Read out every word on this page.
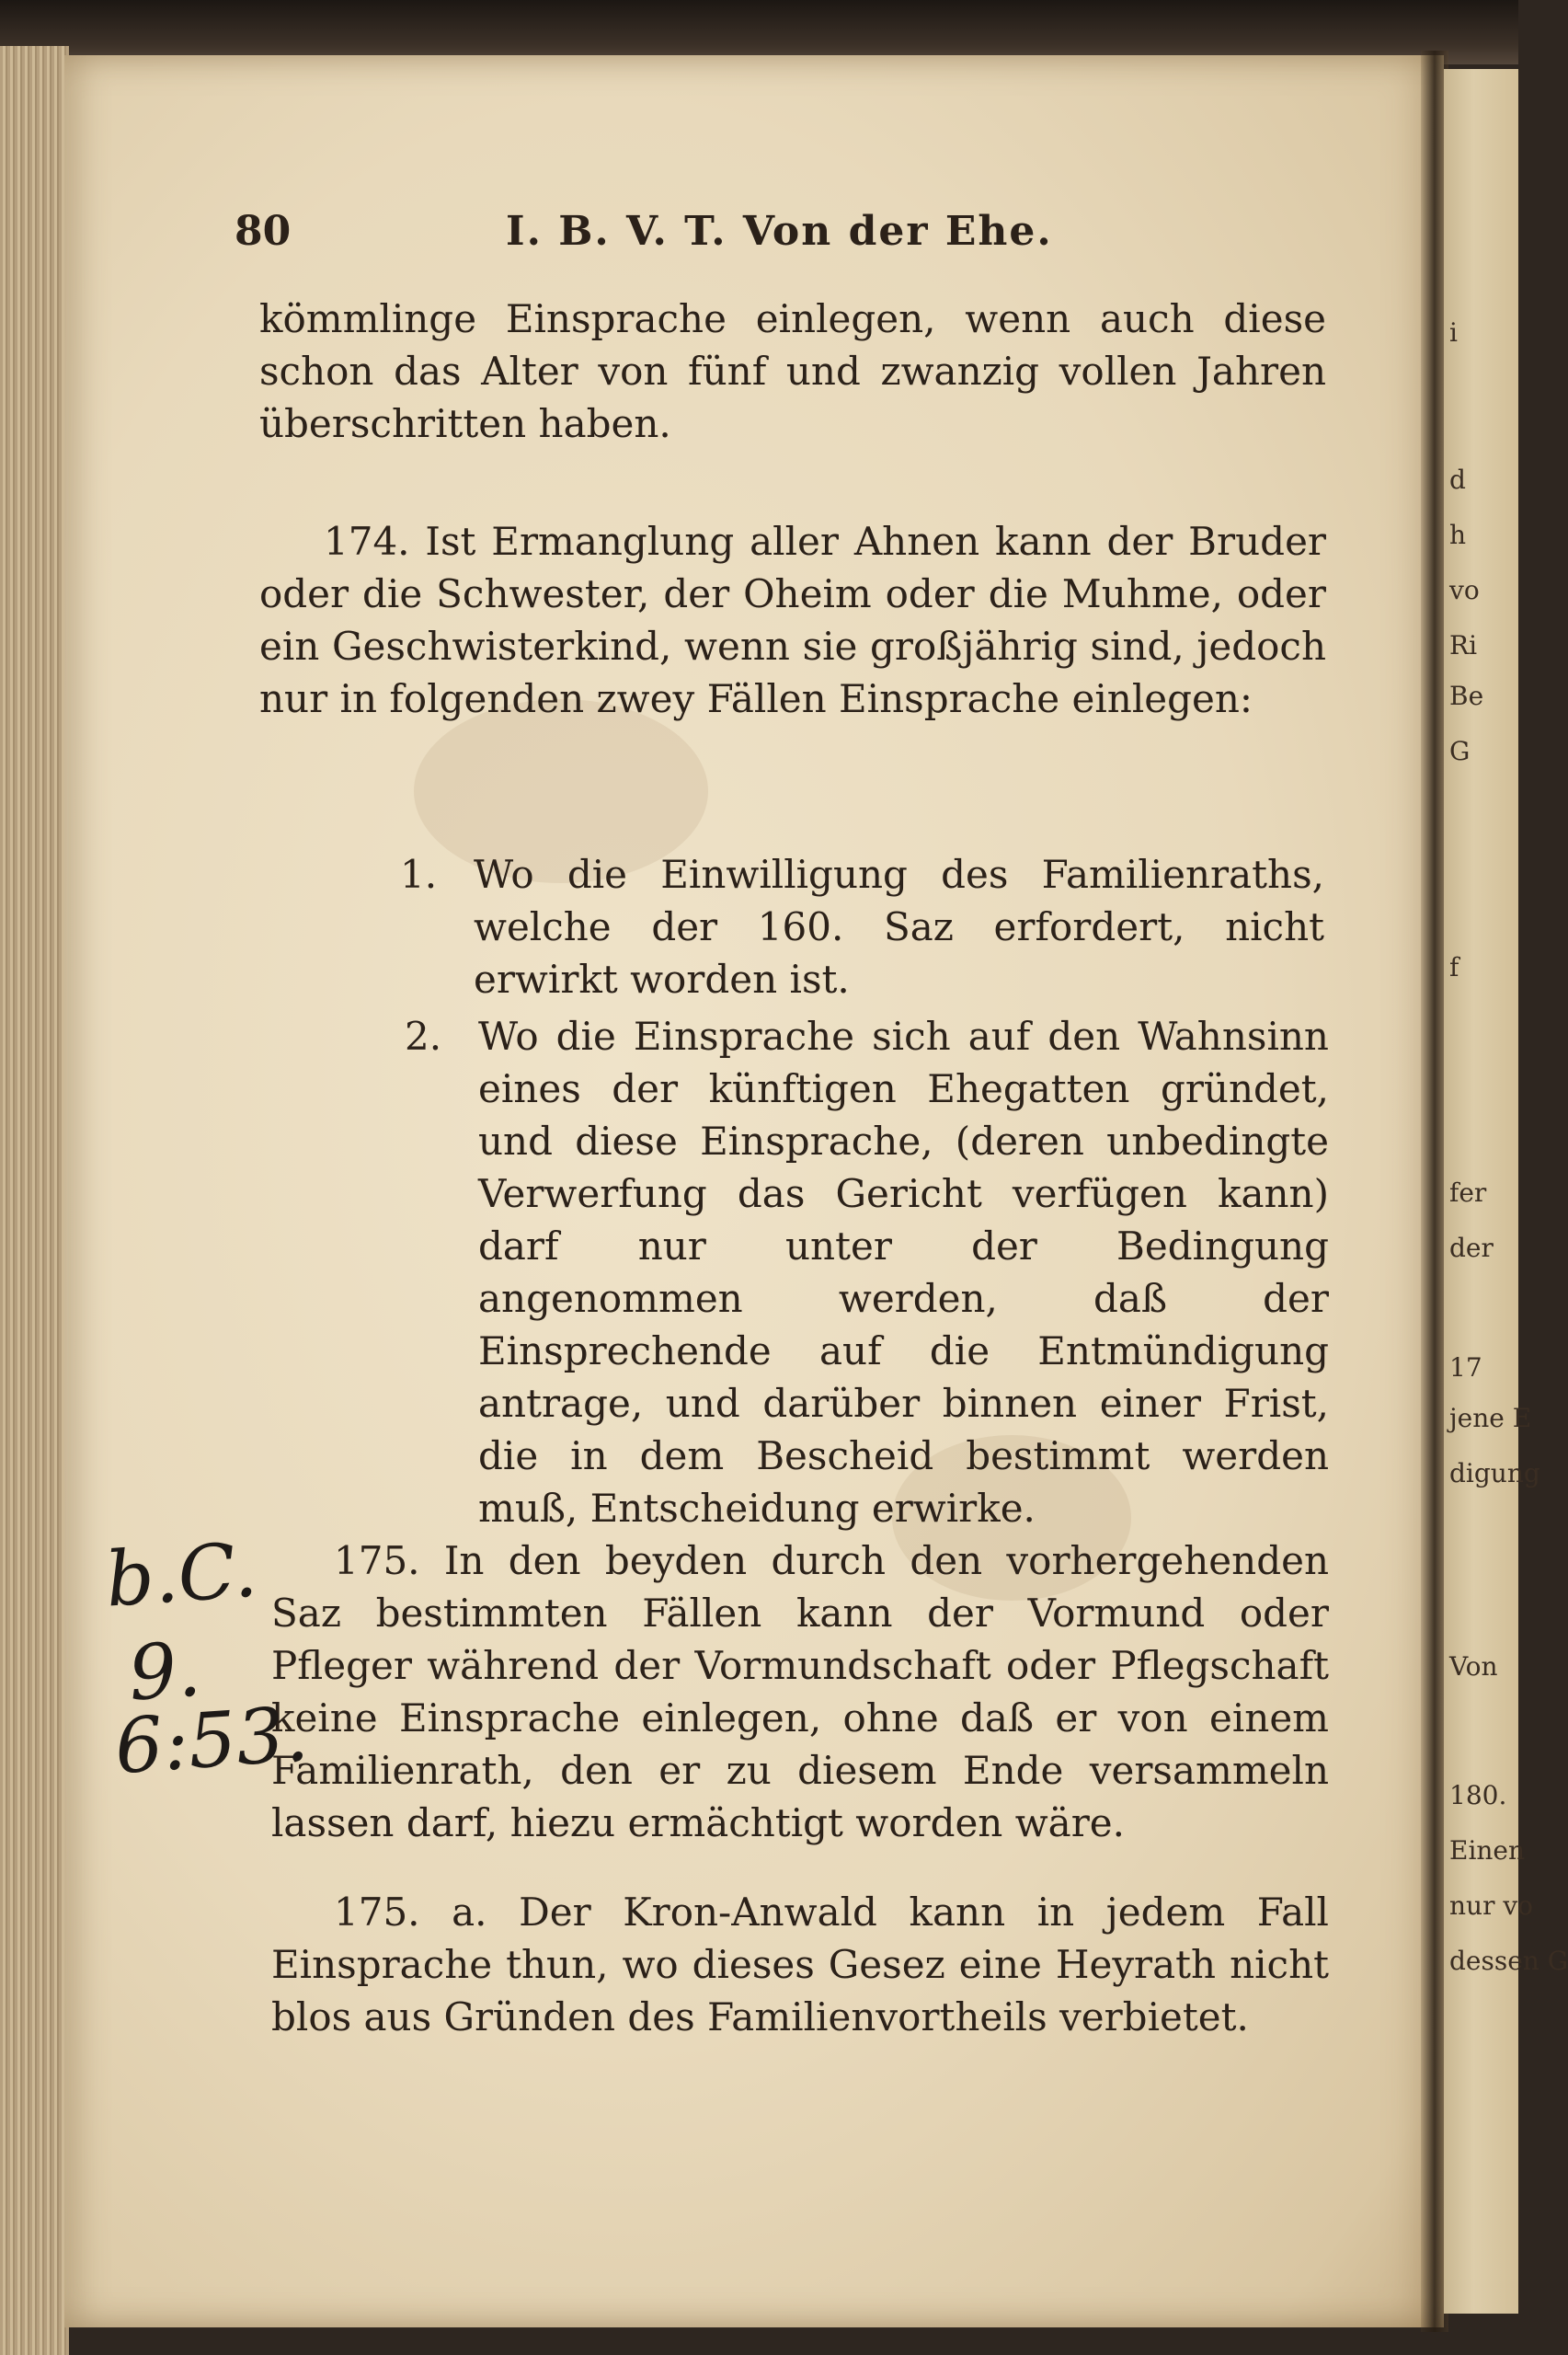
i
d
h
vo
Ri
Be
G
f
fer
der
17
jene E
digung
Von
180.
Einen
nur vo
dessen G
80	I. B. V. T. Von der Ehe.
kömmlinge Einsprache einlegen, wenn auch diese schon das Alter von fünf und zwanzig vollen Jahren überschritten haben.
174. Ist Ermanglung aller Ahnen kann der Bruder oder die Schwester, der Oheim oder die Muhme, oder ein Geschwisterkind, wenn sie großjährig sind, jedoch nur in folgenden zwey Fällen Einsprache einlegen:
1. Wo die Einwilligung des Familienraths, welche der 160. Saz erfordert, nicht erwirkt worden ist.
2. Wo die Einsprache sich auf den Wahnsinn eines der künftigen Ehegatten gründet, und diese Einsprache, (deren unbedingte Verwerfung das Gericht verfügen kann) darf nur unter der Bedingung angenommen werden, daß der Einsprechende auf die Entmündigung antrage, und darüber binnen einer Frist, die in dem Bescheid bestimmt werden muß, Entscheidung erwirke.
175. In den beyden durch den vorhergehenden Saz bestimmten Fällen kann der Vormund oder Pfleger während der Vormundschaft oder Pflegschaft keine Einsprache einlegen, ohne daß er von einem Familienrath, den er zu diesem Ende versammeln lassen darf, hiezu ermächtigt worden wäre.
175. a. Der Kron-Anwald kann in jedem Fall Einsprache thun, wo dieses Gesez eine Heyrath nicht blos aus Gründen des Familienvortheils verbietet.
b.C.
9.
6:53.
